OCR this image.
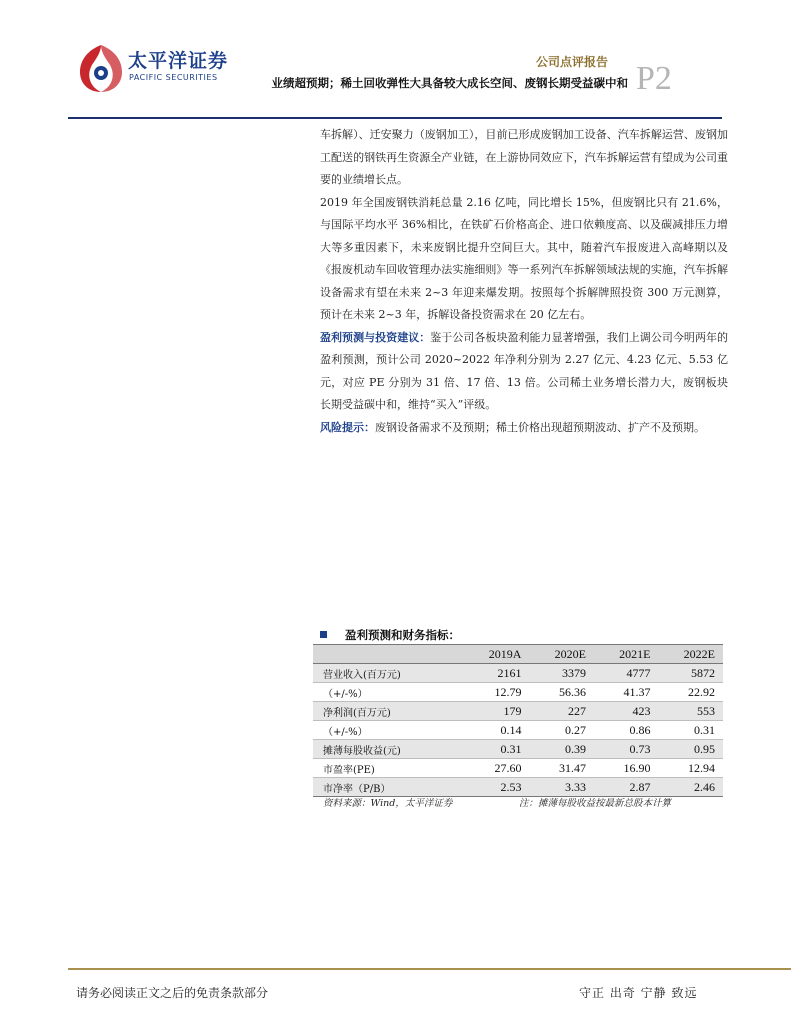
太平洋证券
PACIFIC SECURITIES
公司点评报告 P2
业绩超预期；稀土回收弹性大具备较大成长空间、废钢长期受益碳中和

车拆解）、迁安聚力（废钢加工），目前已形成废钢加工设备、汽车拆解运营、废钢加工配送的钢铁再生资源全产业链，在上游协同效应下，汽车拆解运营有望成为公司重要的业绩增长点。

2019 年全国废钢铁消耗总量 2.16 亿吨，同比增长 15%，但废钢比只有 21.6%，与国际平均水平 36%相比，在铁矿石价格高企、进口依赖度高、以及碳减排压力增大等多重因素下，未来废钢比提升空间巨大。其中，随着汽车报废进入高峰期以及《报废机动车回收管理办法实施细则》等一系列汽车拆解领域法规的实施，汽车拆解设备需求有望在未来 2~3 年迎来爆发期。按照每个拆解牌照投资 300 万元测算，预计在未来 2~3 年，拆解设备投资需求在 20 亿左右。

盈利预测与投资建议：鉴于公司各板块盈利能力显著增强，我们上调公司今明两年的盈利预测，预计公司 2020~2022 年净利分别为 2.27 亿元、4.23 亿元、5.53 亿元，对应 PE 分别为 31 倍、17 倍、13 倍。公司稀土业务增长潜力大，废钢板块长期受益碳中和，维持“买入”评级。

风险提示：废钢设备需求不及预期；稀土价格出现超预期波动、扩产不及预期。

盈利预测和财务指标：
	2019A	2020E	2021E	2022E
营业收入(百万元)	2161	3379	4777	5872
（+/-%）	12.79	56.36	41.37	22.92
净利润(百万元)	179	227	423	553
（+/-%）	0.14	0.27	0.86	0.31
摊薄每股收益(元)	0.31	0.39	0.73	0.95
市盈率(PE)	27.60	31.47	16.90	12.94
市净率（P/B）	2.53	3.33	2.87	2.46
资料来源：Wind，太平洋证券	注：摊薄每股收益按最新总股本计算
请务必阅读正文之后的免责条款部分	守正 出奇 宁静 致远
